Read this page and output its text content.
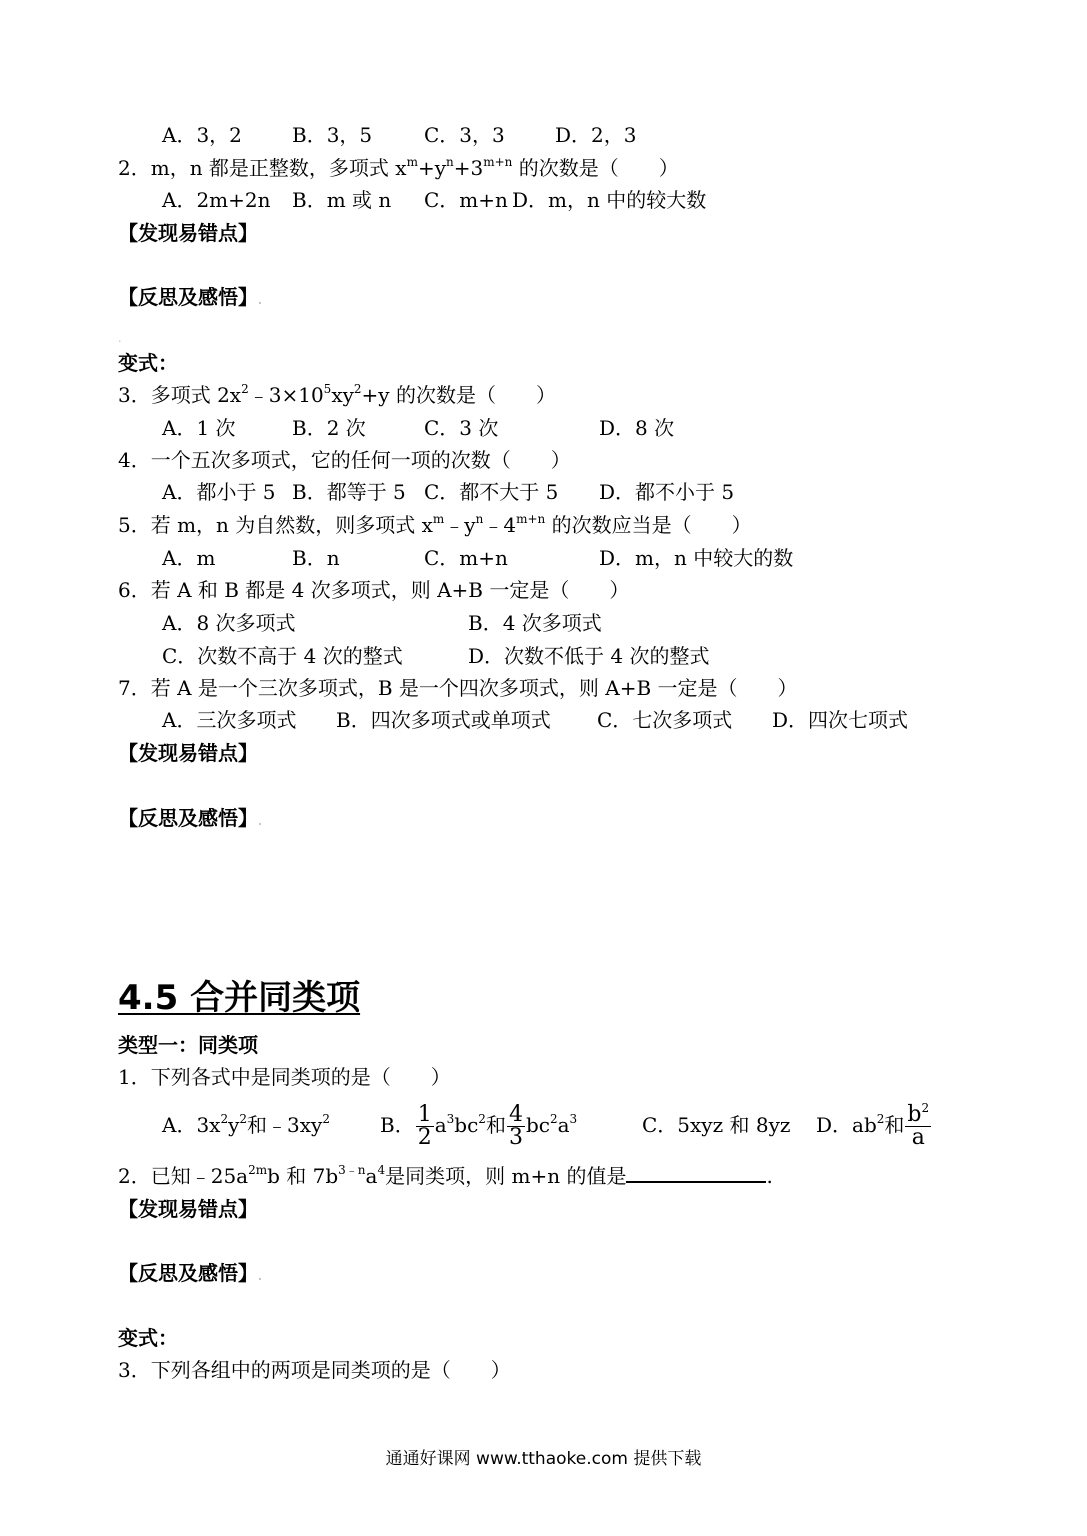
A．3，2	B．3，5	C．3，3	D．2，3
2．m，n 都是正整数，多项式 $x^m+y^n+3^{m+n}$ 的次数是（　　）
A．2m+2n B．m 或 n C．m+n D．m，n 中的较大数
【发现易错点】
【反思及感悟】.
.
变式：
3．多项式 $2x^2﹣3\times 10^5xy^2+y$ 的次数是（　　）
A．1 次	B．2 次	C．3 次	D．8 次
4．一个五次多项式，它的任何一项的次数（　　）
A．都小于 5 B．都等于 5 C．都不大于 5 D．都不小于 5
5．若 m，n 为自然数，则多项式 $x^m﹣y^n﹣4^{m+n}$ 的次数应当是（　　）
A．m	B．n	C．m+n	D．m，n 中较大的数
6．若 A 和 B 都是 4 次多项式，则 A+B 一定是（　　）
A．8 次多项式	B．4 次多项式
C．次数不高于 4 次的整式	D．次数不低于 4 次的整式
7．若 A 是一个三次多项式，B 是一个四次多项式，则 A+B 一定是（　　）
A．三次多项式 B．四次多项式或单项式 C．七次多项式 D．四次七项式
【发现易错点】
【反思及感悟】.
4.5 合并同类项
类型一：同类项
1．下列各式中是同类项的是（　　）
A．$3x^2y^2$和$﹣3xy^2$	B． $\frac{1}{2} a^3bc^2$和 $\frac{4}{3} bc^2a^3$	C．5xyz 和 8yz D．$ab^2$和 $\frac{b^2}{a}$
2．已知$﹣25a^{2m}b$ 和 $7b^{3﹣n}a^4$是同类项，则 m+n 的值是	.
【发现易错点】
【反思及感悟】.
变式：
3．下列各组中的两项是同类项的是（　　）
通通好课网 www.tthaoke.com 提供下载
